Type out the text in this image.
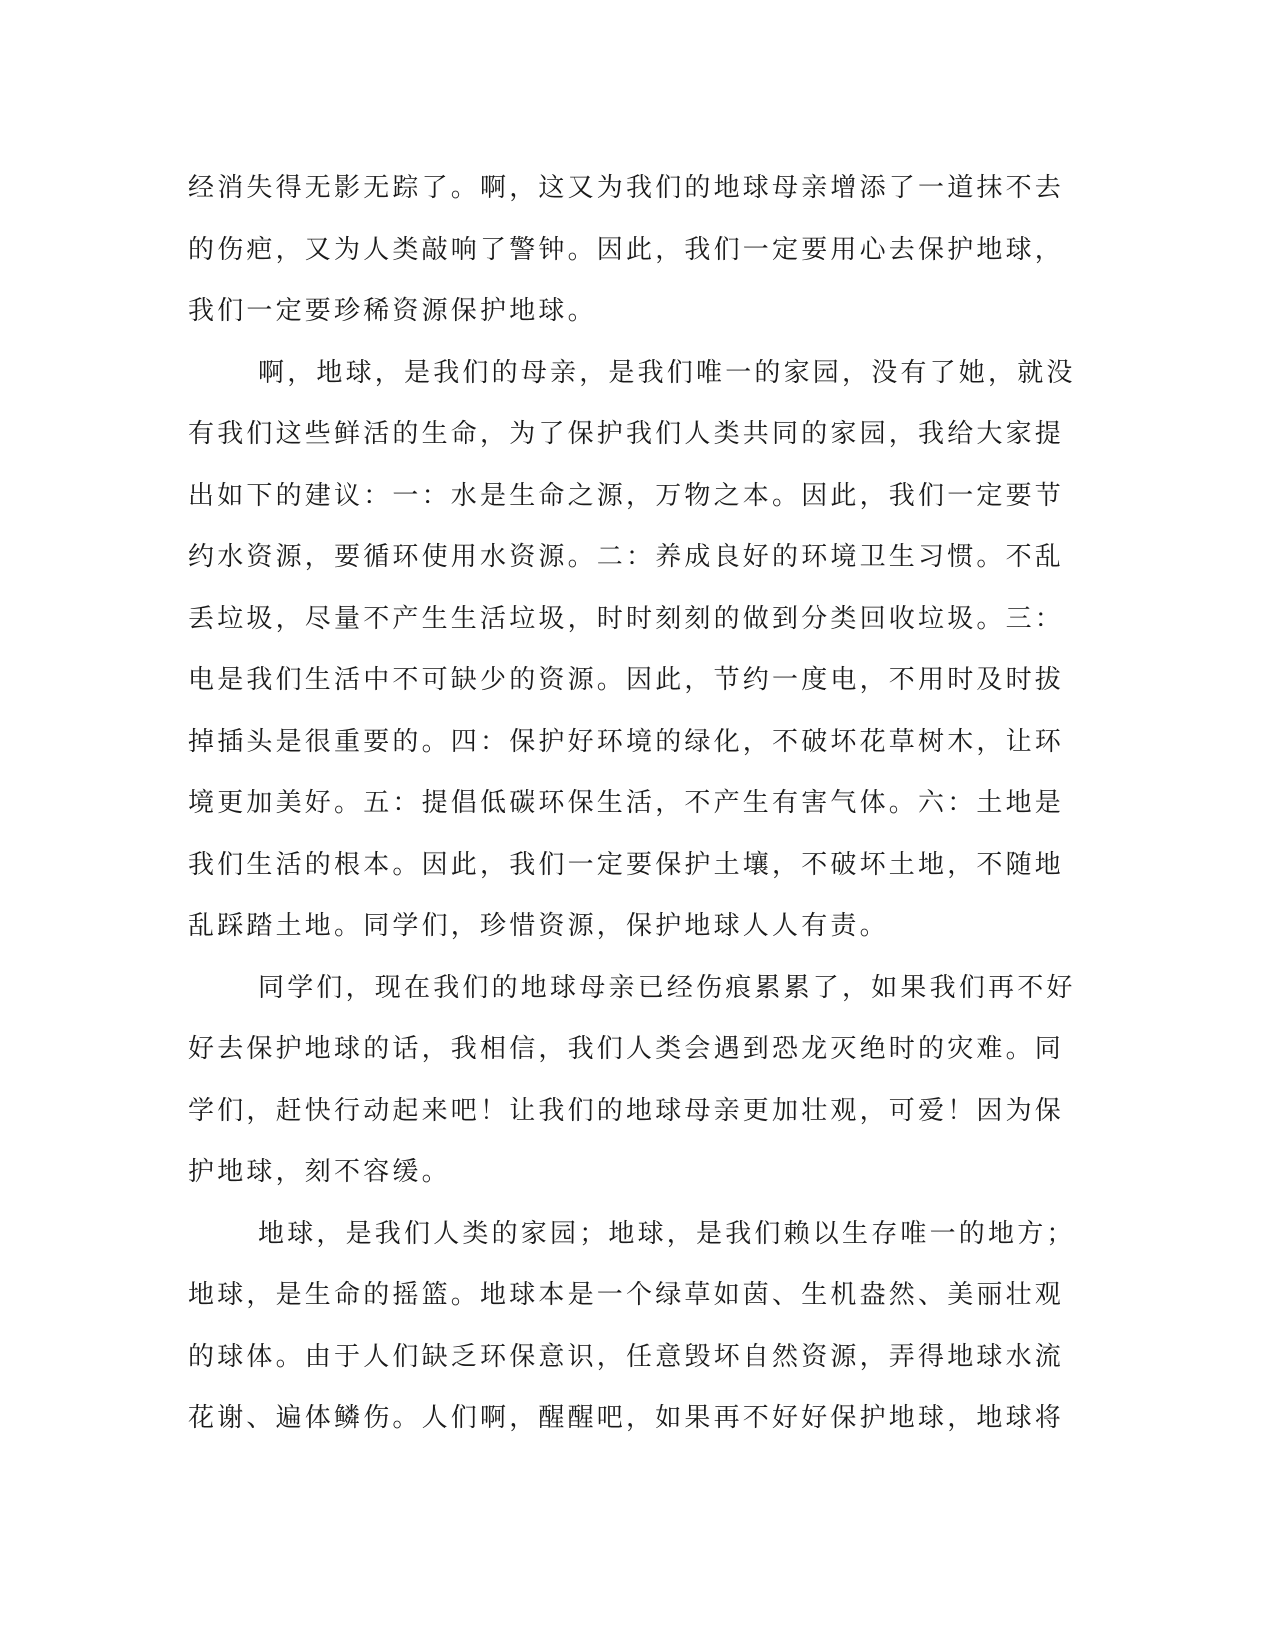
经消失得无影无踪了。啊，这又为我们的地球母亲增添了一道抹不去
的伤疤，又为人类敲响了警钟。因此，我们一定要用心去保护地球，
我们一定要珍稀资源保护地球。
啊，地球，是我们的母亲，是我们唯一的家园，没有了她，就没
有我们这些鲜活的生命，为了保护我们人类共同的家园，我给大家提
出如下的建议：一：水是生命之源，万物之本。因此，我们一定要节
约水资源，要循环使用水资源。二：养成良好的环境卫生习惯。不乱
丢垃圾，尽量不产生生活垃圾，时时刻刻的做到分类回收垃圾。三：
电是我们生活中不可缺少的资源。因此，节约一度电，不用时及时拔
掉插头是很重要的。四：保护好环境的绿化，不破坏花草树木，让环
境更加美好。五：提倡低碳环保生活，不产生有害气体。六：土地是
我们生活的根本。因此，我们一定要保护土壤，不破坏土地，不随地
乱踩踏土地。同学们，珍惜资源，保护地球人人有责。
同学们，现在我们的地球母亲已经伤痕累累了，如果我们再不好
好去保护地球的话，我相信，我们人类会遇到恐龙灭绝时的灾难。同
学们，赶快行动起来吧！让我们的地球母亲更加壮观，可爱！因为保
护地球，刻不容缓。
地球，是我们人类的家园；地球，是我们赖以生存唯一的地方；
地球，是生命的摇篮。地球本是一个绿草如茵、生机盎然、美丽壮观
的球体。由于人们缺乏环保意识，任意毁坏自然资源，弄得地球水流
花谢、遍体鳞伤。人们啊，醒醒吧，如果再不好好保护地球，地球将
